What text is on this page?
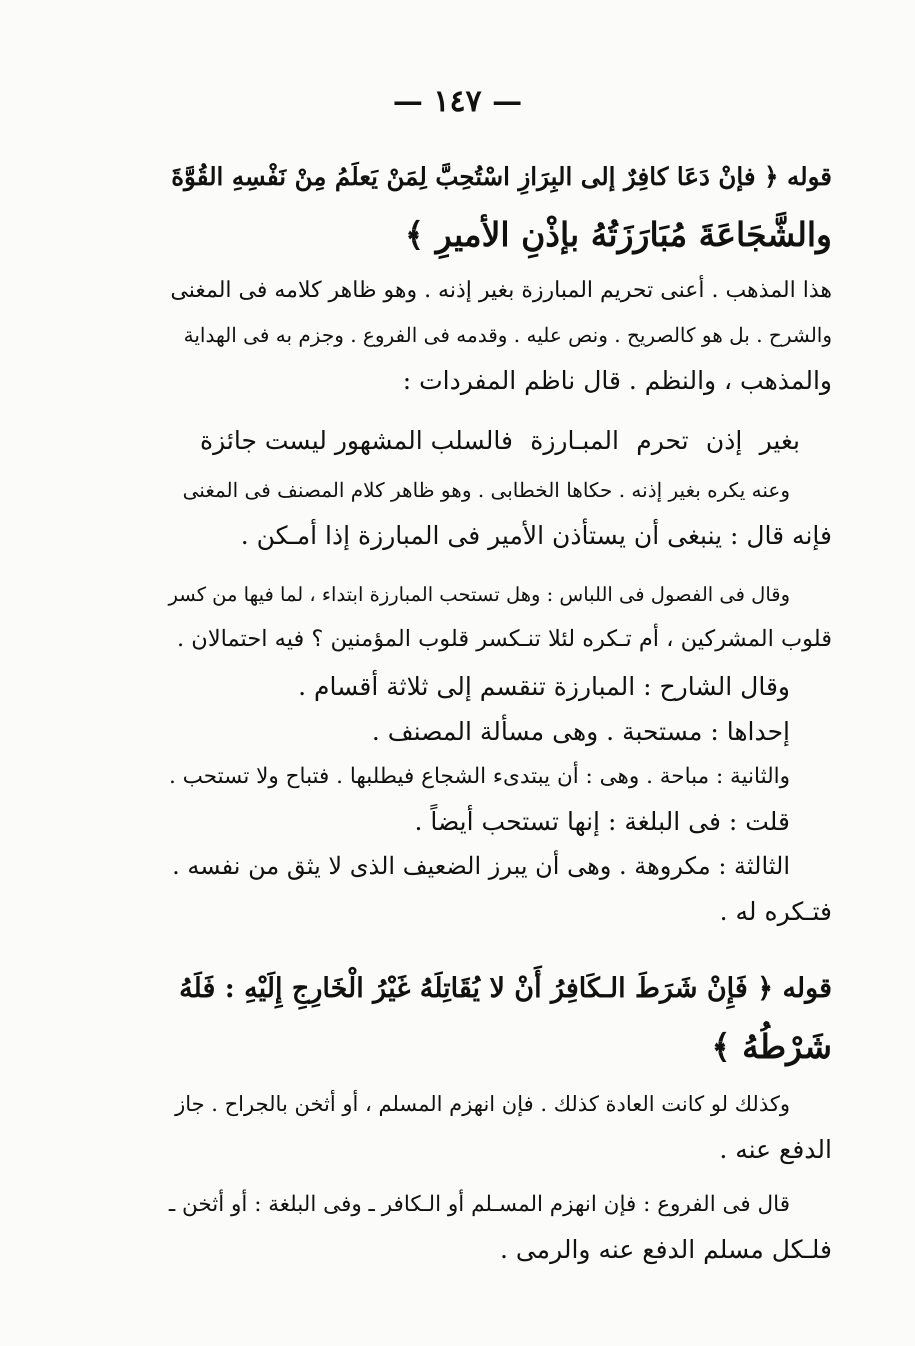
— ١٤٧ —
قوله ﴿ فإنْ دَعَا كافِرٌ إلى البِرَازِ اسْتُحِبَّ لِمَنْ يَعلَمُ مِنْ نَفْسِهِ القُوَّةَ
والشَّجَاعَةَ مُبَارَزَتُهُ بإذْنِ الأميرِ ﴾
هذا المذهب . أعنى تحريم المبارزة بغير إذنه . وهو ظاهر كلامه فى المغنى
والشرح . بل هو كالصريح . ونص عليه . وقدمه فى الفروع . وجزم به فى الهداية
والمذهب ، والنظم . قال ناظم المفردات :
بغير
إذن
تحرم
المبـارزة
فالسلب المشهور ليست جائزة
وعنه يكره بغير إذنه . حكاها الخطابى . وهو ظاهر كلام المصنف فى المغنى
فإنه قال : ينبغى أن يستأذن الأمير فى المبارزة إذا أمـكن .
وقال فى الفصول فى اللباس : وهل تستحب المبارزة ابتداء ، لما فيها من كسر
قلوب المشركين ، أم تـكره لئلا تنـكسر قلوب المؤمنين ؟ فيه احتمالان .
وقال الشارح : المبارزة تنقسم إلى ثلاثة أقسام .
إحداها : مستحبة . وهى مسألة المصنف .
والثانية : مباحة . وهى : أن يبتدىء الشجاع فيطلبها . فتباح ولا تستحب .
قلت : فى البلغة : إنها تستحب أيضاً .
الثالثة : مكروهة . وهى أن يبرز الضعيف الذى لا يثق من نفسه .
فتـكره له .
قوله ﴿ فَإِنْ شَرَطَ الـكَافِرُ أَنْ لا يُقَاتِلَهُ غَيْرُ الْخَارِجِ إِلَيْهِ : فَلَهُ
شَرْطُهُ ﴾
وكذلك لو كانت العادة كذلك . فإن انهزم المسلم ، أو أثخن بالجراح . جاز
الدفع عنه .
قال فى الفروع : فإن انهزم المسـلم أو الـكافر ـ وفى البلغة : أو أثخن ـ
فلـكل مسلم الدفع عنه والرمى .
